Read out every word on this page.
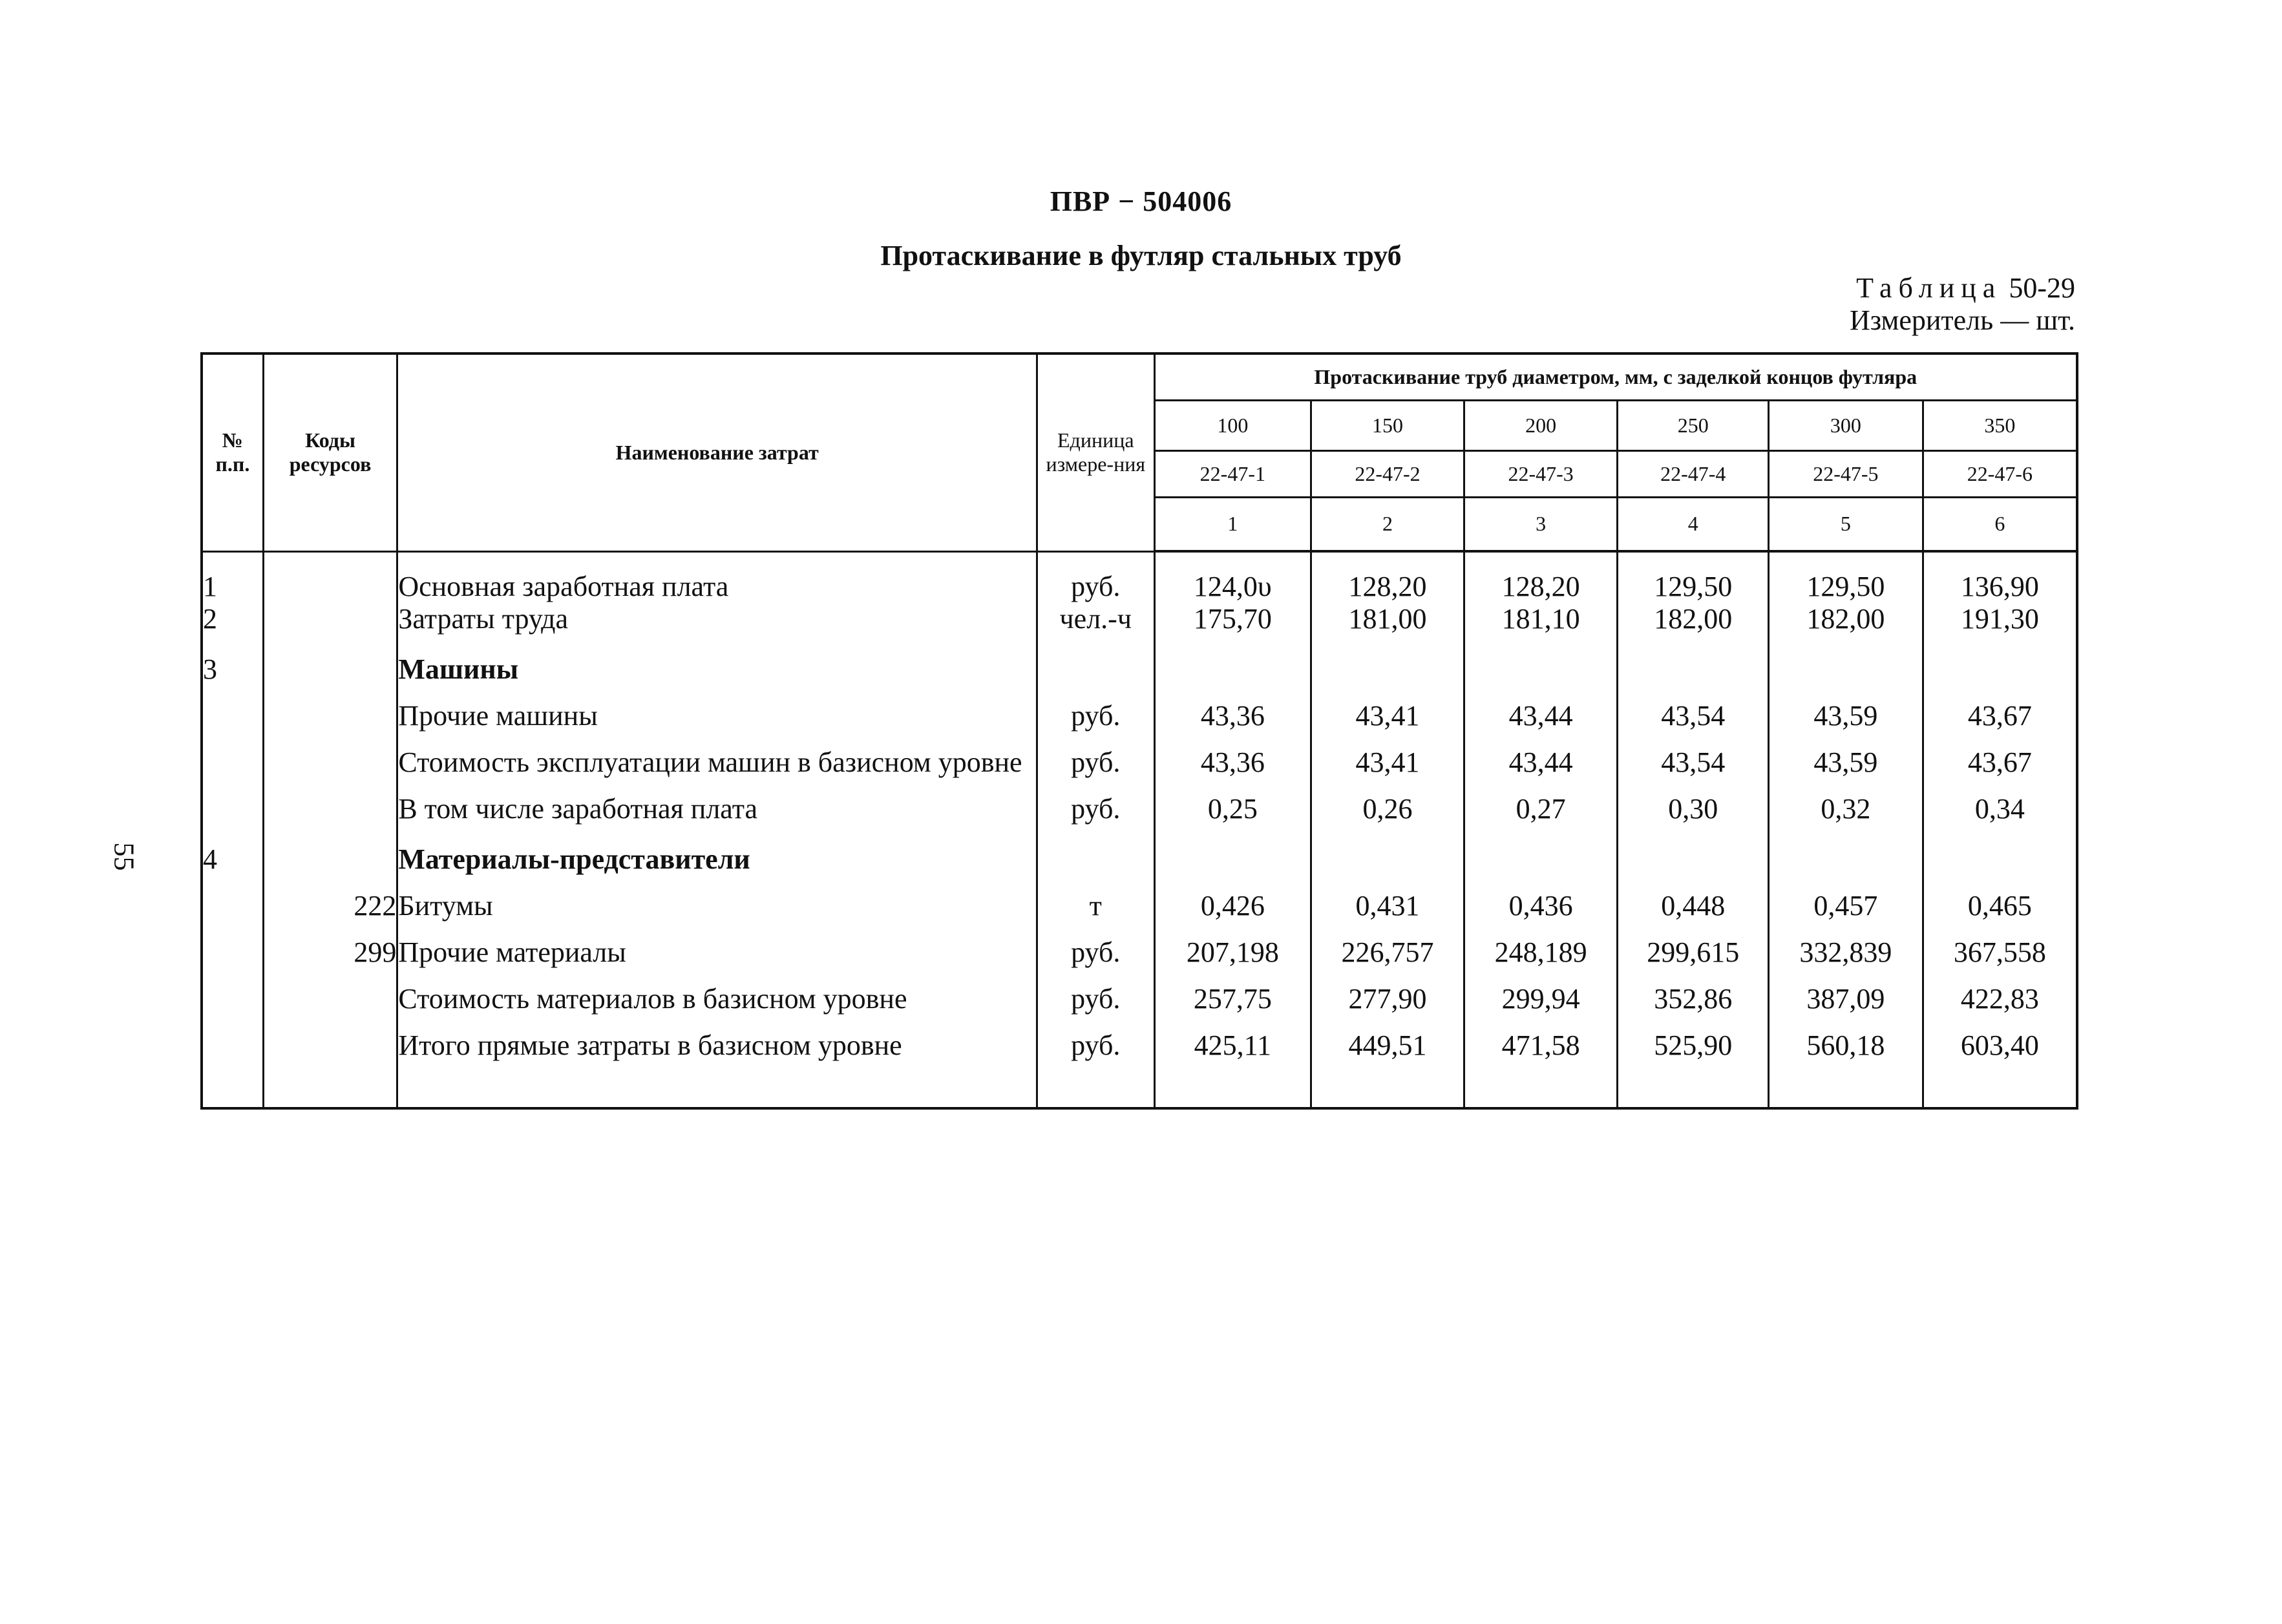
ПВР − 504006
Протаскивание в футляр стальных труб
Таблица 50-29
Измеритель — шт.
55
№ п.п.	Коды ресурсов	Наименование затрат	Единица измере-ния	Протаскивание труб диаметром, мм, с заделкой концов футляра					
				100	150	200	250	300	350
				22-47-1	22-47-2	22-47-3	22-47-4	22-47-5	22-47-6
				1	2	3	4	5	6
1		Основная заработная плата	руб.	124,0υ	128,20	128,20	129,50	129,50	136,90
2		Затраты труда	чел.-ч	175,70	181,00	181,10	182,00	182,00	191,30
3		Машины							
		Прочие машины	руб.	43,36	43,41	43,44	43,54	43,59	43,67
		Стоимость эксплуатации машин в базисном уровне	руб.	43,36	43,41	43,44	43,54	43,59	43,67
		В том числе заработная плата	руб.	0,25	0,26	0,27	0,30	0,32	0,34
4		Материалы-представители							
	222	Битумы	т	0,426	0,431	0,436	0,448	0,457	0,465
	299	Прочие материалы	руб.	207,198	226,757	248,189	299,615	332,839	367,558
		Стоимость материалов в базисном уровне	руб.	257,75	277,90	299,94	352,86	387,09	422,83
		Итого прямые затраты в базисном уровне	руб.	425,11	449,51	471,58	525,90	560,18	603,40
